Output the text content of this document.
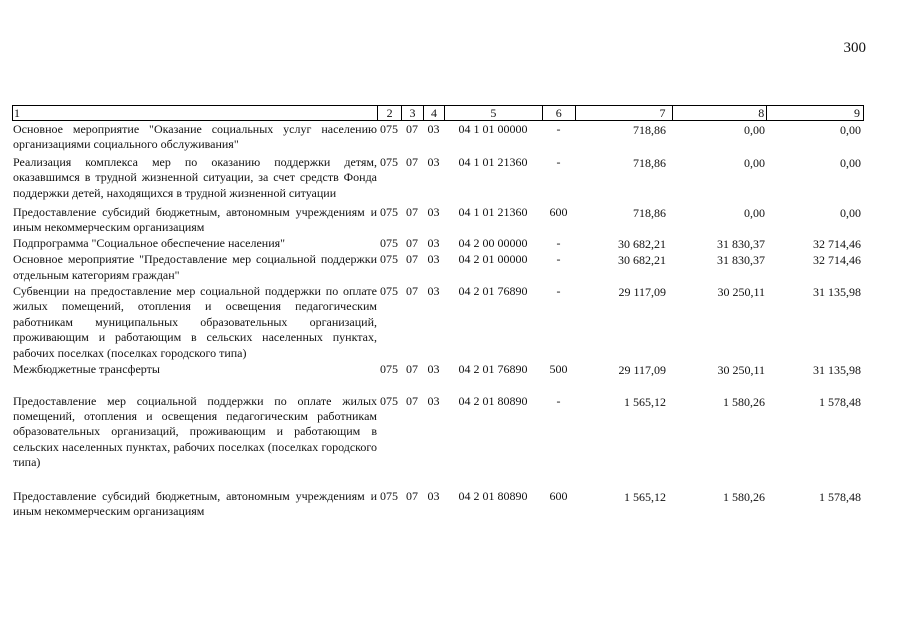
300
1	2	3	4	5	6	7	8	9
Основное мероприятие "Оказание социальных услуг населению организациями социального обслуживания"
075 07 03	04 1 01 00000	-	718,86	0,00	0,00
Реализация комплекса мер по оказанию поддержки детям, оказавшимся в трудной жизненной ситуации, за счет средств Фонда поддержки детей, находящихся в трудной жизненной ситуации
075 07 03	04 1 01 21360	-	718,86	0,00	0,00
Предоставление субсидий бюджетным, автономным учреждениям и иным некоммерческим организациям
075 07 03	04 1 01 21360	600	718,86	0,00	0,00
Подпрограмма "Социальное обеспечение населения"	075 07 03	04 2 00 00000	-	30 682,21	31 830,37	32 714,46
Основное мероприятие "Предоставление мер социальной поддержки отдельным категориям граждан"
075 07 03	04 2 01 00000	-	30 682,21	31 830,37	32 714,46
Субвенции на предоставление мер социальной поддержки по оплате жилых помещений, отопления и освещения педагогическим работникам муниципальных образовательных организаций, проживающим и работающим в сельских населенных пунктах, рабочих поселках (поселках городского типа)
075 07 03	04 2 01 76890	-	29 117,09	30 250,11	31 135,98
Межбюджетные трансферты	075 07 03	04 2 01 76890	500	29 117,09	30 250,11	31 135,98
Предоставление мер социальной поддержки по оплате жилых помещений, отопления и освещения педагогическим работникам образовательных организаций, проживающим и работающим в сельских населенных пунктах, рабочих поселках (поселках городского типа)
075 07 03	04 2 01 80890	-	1 565,12	1 580,26	1 578,48
Предоставление субсидий бюджетным, автономным учреждениям и иным некоммерческим организациям
075 07 03	04 2 01 80890	600	1 565,12	1 580,26	1 578,48
